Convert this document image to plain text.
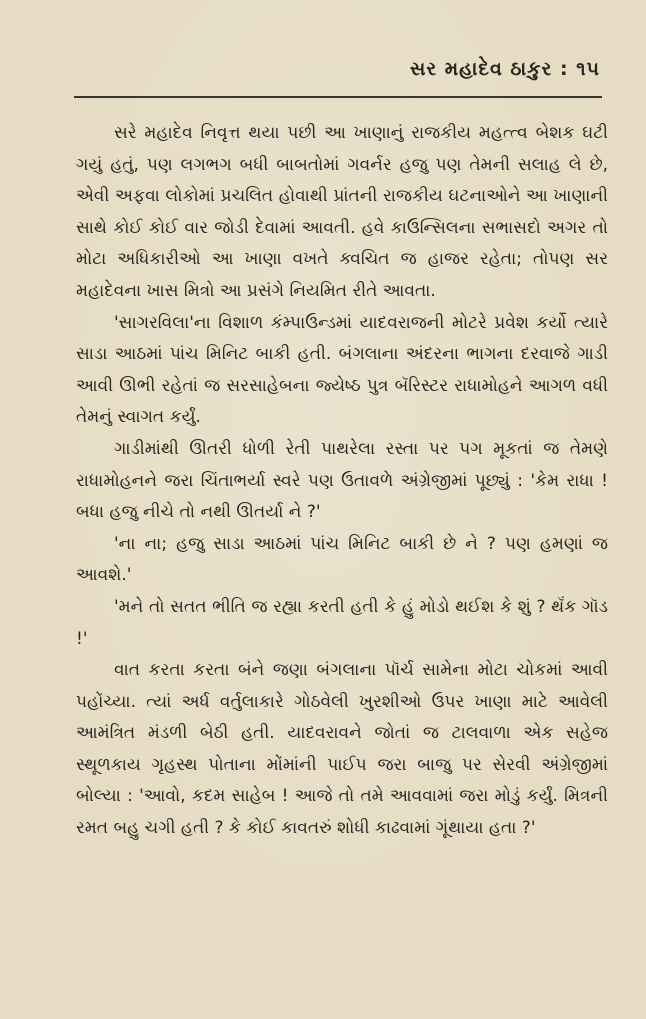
સર મહાદેવ ઠાકુર : ૧૫

સરે મહાદેવ નિવૃત્ત થયા પછી આ ખાણાનું રાજકીય મહત્ત્વ બેશક ઘટી ગયું હતું, પણ લગભગ બધી બાબતોમાં ગવર્નર હજુ પણ તેમની સલાહ લે છે, એવી અફવા લોકોમાં પ્રચલિત હોવાથી પ્રાંતની રાજકીય ઘટનાઓને આ ખાણાની સાથે કોઈ કોઈ વાર જોડી દેવામાં આવતી. હવે કાઉન્સિલના સભાસદો અગર તો મોટા અધિકારીઓ આ ખાણા વખતે ક્વચિત જ હાજર રહેતા; તોપણ સર મહાદેવના ખાસ મિત્રો આ પ્રસંગે નિયમિત રીતે આવતા.

'સાગરવિલા'ના વિશાળ કંમ્પાઉન્ડમાં યાદવરાજની મોટરે પ્રવેશ કર્યો ત્યારે સાડા આઠમાં પાંચ મિનિટ બાકી હતી. બંગલાના અંદરના ભાગના દરવાજે ગાડી આવી ઊભી રહેતાં જ સરસાહેબના જ્યેષ્ઠ પુત્ર બૅરિસ્ટર રાધામોહને આગળ વધી તેમનું સ્વાગત કર્યું.

ગાડીમાંથી ઊતરી ધોળી રેતી પાથરેલા રસ્તા પર પગ મૂકતાં જ તેમણે રાધામોહનને જરા ચિંતાભર્યા સ્વરે પણ ઉતાવળે અંગ્રેજીમાં પૂછ્યું : 'કેમ રાધા ! બધા હજુ નીચે તો નથી ઊતર્યા ને ?'

'ના ના; હજુ સાડા આઠમાં પાંચ મિનિટ બાકી છે ને ? પણ હમણાં જ આવશે.'

'મને તો સતત ભીતિ જ રહ્યા કરતી હતી કે હું મોડો થઈશ કે શું ? થૅંક ગૉડ !'

વાત કરતા કરતા બંને જણા બંગલાના પૉર્ચ સામેના મોટા ચોકમાં આવી પહોંચ્યા. ત્યાં અર્ધ વર્તુલાકારે ગોઠવેલી ખુરશીઓ ઉપર ખાણા માટે આવેલી આમંત્રિત મંડળી બેઠી હતી. યાદવરાવને જોતાં જ ટાલવાળા એક સહેજ સ્થૂળકાય ગૃહસ્થ પોતાના મોંમાંની પાઈપ જરા બાજુ પર સેરવી અંગ્રેજીમાં બોલ્યા : 'આવો, કદમ સાહેબ ! આજે તો તમે આવવામાં જરા મોડું કર્યું. મિત્રની રમત બહુ ચગી હતી ? કે કોઈ કાવતરું શોધી કાઢવામાં ગૂંથાયા હતા ?'
